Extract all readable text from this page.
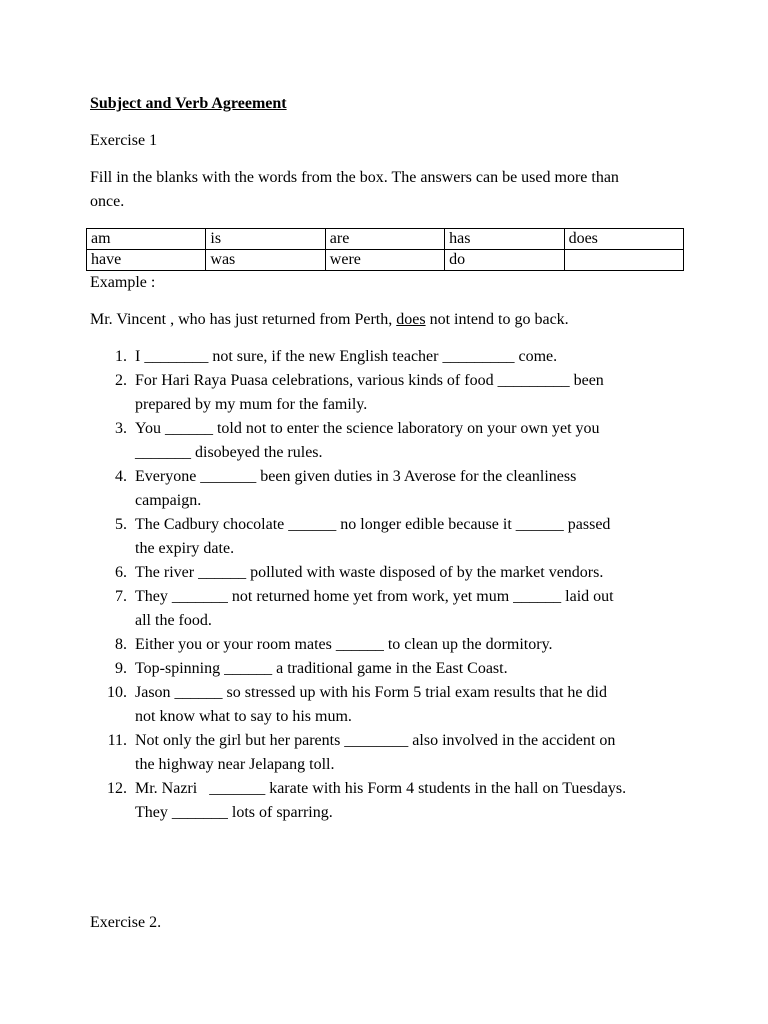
Subject and Verb Agreement
Exercise 1
Fill in the blanks with the words from the box. The answers can be used more than
once.
am	is	are	has	does
have	was	were	do	
Example :
Mr. Vincent , who has just returned from Perth, does not intend to go back.
1. I ________ not sure, if the new English teacher _________ come.
2. For Hari Raya Puasa celebrations, various kinds of food _________ been
prepared by my mum for the family.
3. You ______ told not to enter the science laboratory on your own yet you
_______ disobeyed the rules.
4. Everyone _______ been given duties in 3 Averose for the cleanliness
campaign.
5. The Cadbury chocolate ______ no longer edible because it ______ passed
the expiry date.
6. The river ______ polluted with waste disposed of by the market vendors.
7. They _______ not returned home yet from work, yet mum ______ laid out
all the food.
8. Either you or your room mates ______ to clean up the dormitory.
9. Top-spinning ______ a traditional game in the East Coast.
10. Jason ______ so stressed up with his Form 5 trial exam results that he did
not know what to say to his mum.
11. Not only the girl but her parents ________ also involved in the accident on
the highway near Jelapang toll.
12. Mr. Nazri   _______ karate with his Form 4 students in the hall on Tuesdays.
They _______ lots of sparring.
Exercise 2.
